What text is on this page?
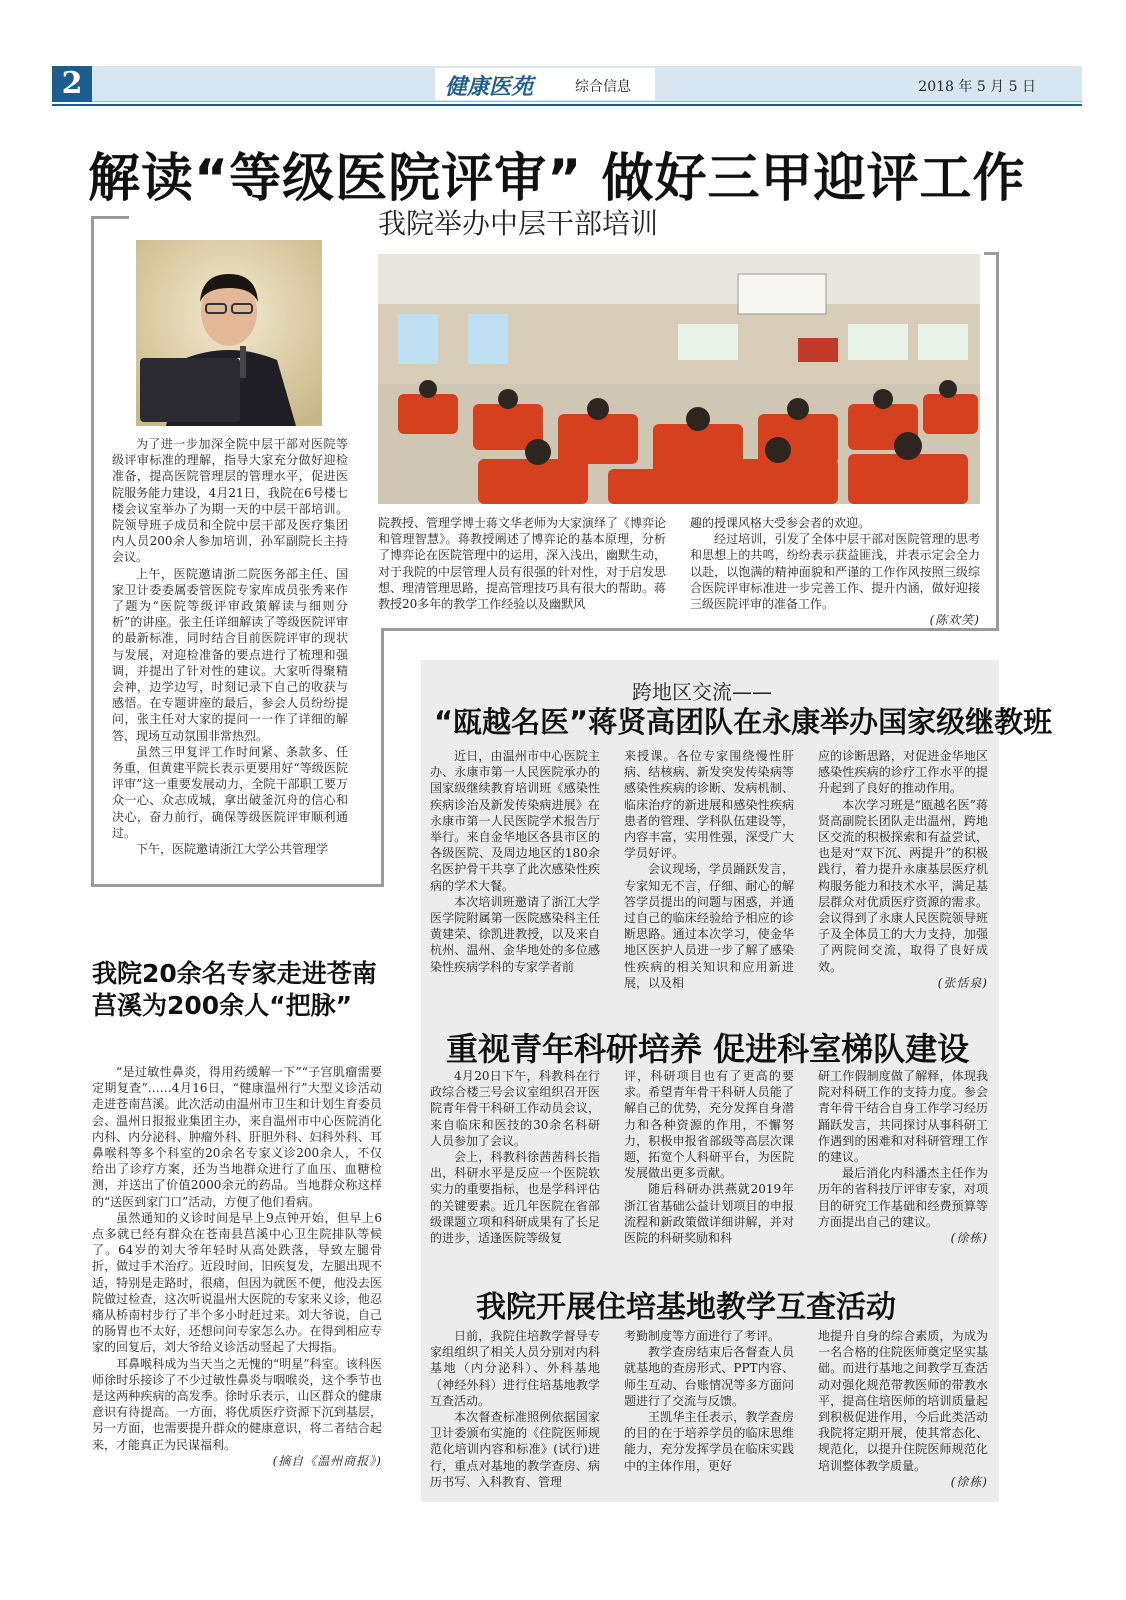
2	健康医苑	综合信息	2018 年 5 月 5 日
解读“等级医院评审” 做好三甲迎评工作
我院举办中层干部培训

为了进一步加深全院中层干部对医院等级评审标准的理解，指导大家充分做好迎检准备，提高医院管理层的管理水平，促进医院服务能力建设，4月21日，我院在6号楼七楼会议室举办了为期一天的中层干部培训。院领导班子成员和全院中层干部及医疗集团内人员200余人参加培训，孙军副院长主持会议。

上午，医院邀请浙二院医务部主任、国家卫计委委属委管医院专家库成员张秀来作了题为“医院等级评审政策解读与细则分析”的讲座。张主任详细解读了等级医院评审的最新标准，同时结合目前医院评审的现状与发展，对迎检准备的要点进行了梳理和强调，并提出了针对性的建议。大家听得聚精会神，边学边写，时刻记录下自己的收获与感悟。在专题讲座的最后，参会人员纷纷提问，张主任对大家的提问一一作了详细的解答，现场互动氛围非常热烈。

虽然三甲复评工作时间紧、条款多、任务重，但黄建平院长表示更要用好“等级医院评审”这一重要发展动力，全院干部职工要万众一心、众志成城，拿出破釜沉舟的信心和决心，奋力前行，确保等级医院评审顺利通过。

下午，医院邀请浙江大学公共管理学

院教授、管理学博士蒋文华老师为大家演绎了《博弈论和管理智慧》。蒋教授阐述了博弈论的基本原理，分析了博弈论在医院管理中的运用，深入浅出，幽默生动，对于我院的中层管理人员有很强的针对性，对于启发思想、理清管理思路，提高管理技巧具有很大的帮助。蒋教授20多年的教学工作经验以及幽默风

趣的授课风格大受参会者的欢迎。

经过培训，引发了全体中层干部对医院管理的思考和思想上的共鸣，纷纷表示获益匪浅，并表示定会全力以赴，以饱满的精神面貌和严谨的工作作风按照三级综合医院评审标准进一步完善工作、提升内涵，做好迎接三级医院评审的准备工作。

(陈欢笑)
我院20余名专家走进苍南莒溪为200余人“把脉”

“是过敏性鼻炎，得用药缓解一下”“子宫肌瘤需要定期复查”……4月16日，“健康温州行”大型义诊活动走进苍南莒溪。此次活动由温州市卫生和计划生育委员会、温州日报报业集团主办，来自温州市中心医院消化内科、内分泌科、肿瘤外科、肝胆外科、妇科外科、耳鼻喉科等多个科室的20余名专家义诊200余人，不仅给出了诊疗方案，还为当地群众进行了血压、血糖检测，并送出了价值2000余元的药品。当地群众称这样的“送医到家门口”活动，方便了他们看病。

虽然通知的义诊时间是早上9点钟开始，但早上6点多就已经有群众在苍南县莒溪中心卫生院排队等候了。64岁的刘大爷年轻时从高处跌落，导致左腿骨折，做过手术治疗。近段时间，旧疾复发，左腿出现不适，特别是走路时，很痛，但因为就医不便，他没去医院做过检查，这次听说温州大医院的专家来义诊，他忍痛从桥南村步行了半个多小时赶过来。刘大爷说，自己的肠胃也不太好，还想问问专家怎么办。在得到相应专家的回复后，刘大爷给义诊活动竖起了大拇指。

耳鼻喉科成为当天当之无愧的“明星”科室。该科医师徐时乐接诊了不少过敏性鼻炎与咽喉炎，这个季节也是这两种疾病的高发季。徐时乐表示，山区群众的健康意识有待提高。一方面，将优质医疗资源下沉到基层，另一方面，也需要提升群众的健康意识，将二者结合起来，才能真正为民谋福利。

(摘自《温州商报》)
跨地区交流——
“瓯越名医”蒋贤高团队在永康举办国家级继教班

近日，由温州市中心医院主办、永康市第一人民医院承办的国家级继续教育培训班《感染性疾病诊治及新发传染病进展》在永康市第一人民医院学术报告厅举行。来自金华地区各县市区的各级医院、及周边地区的180余名医护骨干共享了此次感染性疾病的学术大餐。

本次培训班邀请了浙江大学医学院附属第一医院感染科主任黄建荣、徐凯进教授，以及来自杭州、温州、金华地处的多位感染性疾病学科的专家学者前

来授课。各位专家围绕慢性肝病、结核病、新发突发传染病等感染性疾病的诊断、发病机制、临床治疗的新进展和感染性疾病患者的管理、学科队伍建设等，内容丰富，实用性强，深受广大学员好评。

会议现场，学员踊跃发言，专家知无不言，仔细、耐心的解答学员提出的问题与困惑，并通过自己的临床经验给予相应的诊断思路。通过本次学习，使金华地区医护人员进一步了解了感染性疾病的相关知识和应用新进展，以及相

应的诊断思路，对促进金华地区感染性疾病的诊疗工作水平的提升起到了良好的推动作用。

本次学习班是“瓯越名医”蒋贤高副院长团队走出温州，跨地区交流的积极探索和有益尝试，也是对“双下沉、两提升”的积极践行，着力提升永康基层医疗机构服务能力和技术水平，满足基层群众对优质医疗资源的需求。会议得到了永康人民医院领导班子及全体员工的大力支持，加强了两院间交流，取得了良好成效。

(张恬泉)
重视青年科研培养 促进科室梯队建设

4月20日下午，科教科在行政综合楼三号会议室组织召开医院青年骨干科研工作动员会议，来自临床和医技的30余名科研人员参加了会议。

会上，科教科徐茜茜科长指出，科研水平是反应一个医院软实力的重要指标，也是学科评估的关键要素。近几年医院在省部级课题立项和科研成果有了长足的进步，适逢医院等级复

评，科研项目也有了更高的要求。希望青年骨干科研人员能了解自己的优势，充分发挥自身潜力和各种资源的作用，不懈努力，积极申报省部级等高层次课题，拓宽个人科研平台，为医院发展做出更多贡献。

随后科研办洪燕就2019年浙江省基础公益计划项目的申报流程和新政策做详细讲解，并对医院的科研奖励和科

研工作假制度做了解释，体现我院对科研工作的支持力度。参会青年骨干结合自身工作学习经历踊跃发言，共同探讨从事科研工作遇到的困难和对科研管理工作的建议。

最后消化内科潘杰主任作为历年的省科技厅评审专家，对项目的研究工作基础和经费预算等方面提出自己的建议。

(徐栋)
我院开展住培基地教学互查活动

日前，我院住培教学督导专家组组织了相关人员分别对内科基地（内分泌科）、外科基地（神经外科）进行住培基地教学互查活动。

本次督查标准照例依据国家卫计委颁布实施的《住院医师规范化培训内容和标准》(试行)进行，重点对基地的教学查房、病历书写、入科教育、管理

考勤制度等方面进行了考评。

教学查房结束后各督查人员就基地的查房形式、PPT内容、师生互动、台账情况等多方面问题进行了交流与反馈。

王凯华主任表示，教学查房的目的在于培养学员的临床思维能力，充分发挥学员在临床实践中的主体作用，更好

地提升自身的综合素质，为成为一名合格的住院医师奠定坚实基础。而进行基地之间教学互查活动对强化规范带教医师的带教水平，提高住培医师的培训质量起到积极促进作用，今后此类活动我院将定期开展，使其常态化、规范化，以提升住院医师规范化培训整体教学质量。

(徐栋)
